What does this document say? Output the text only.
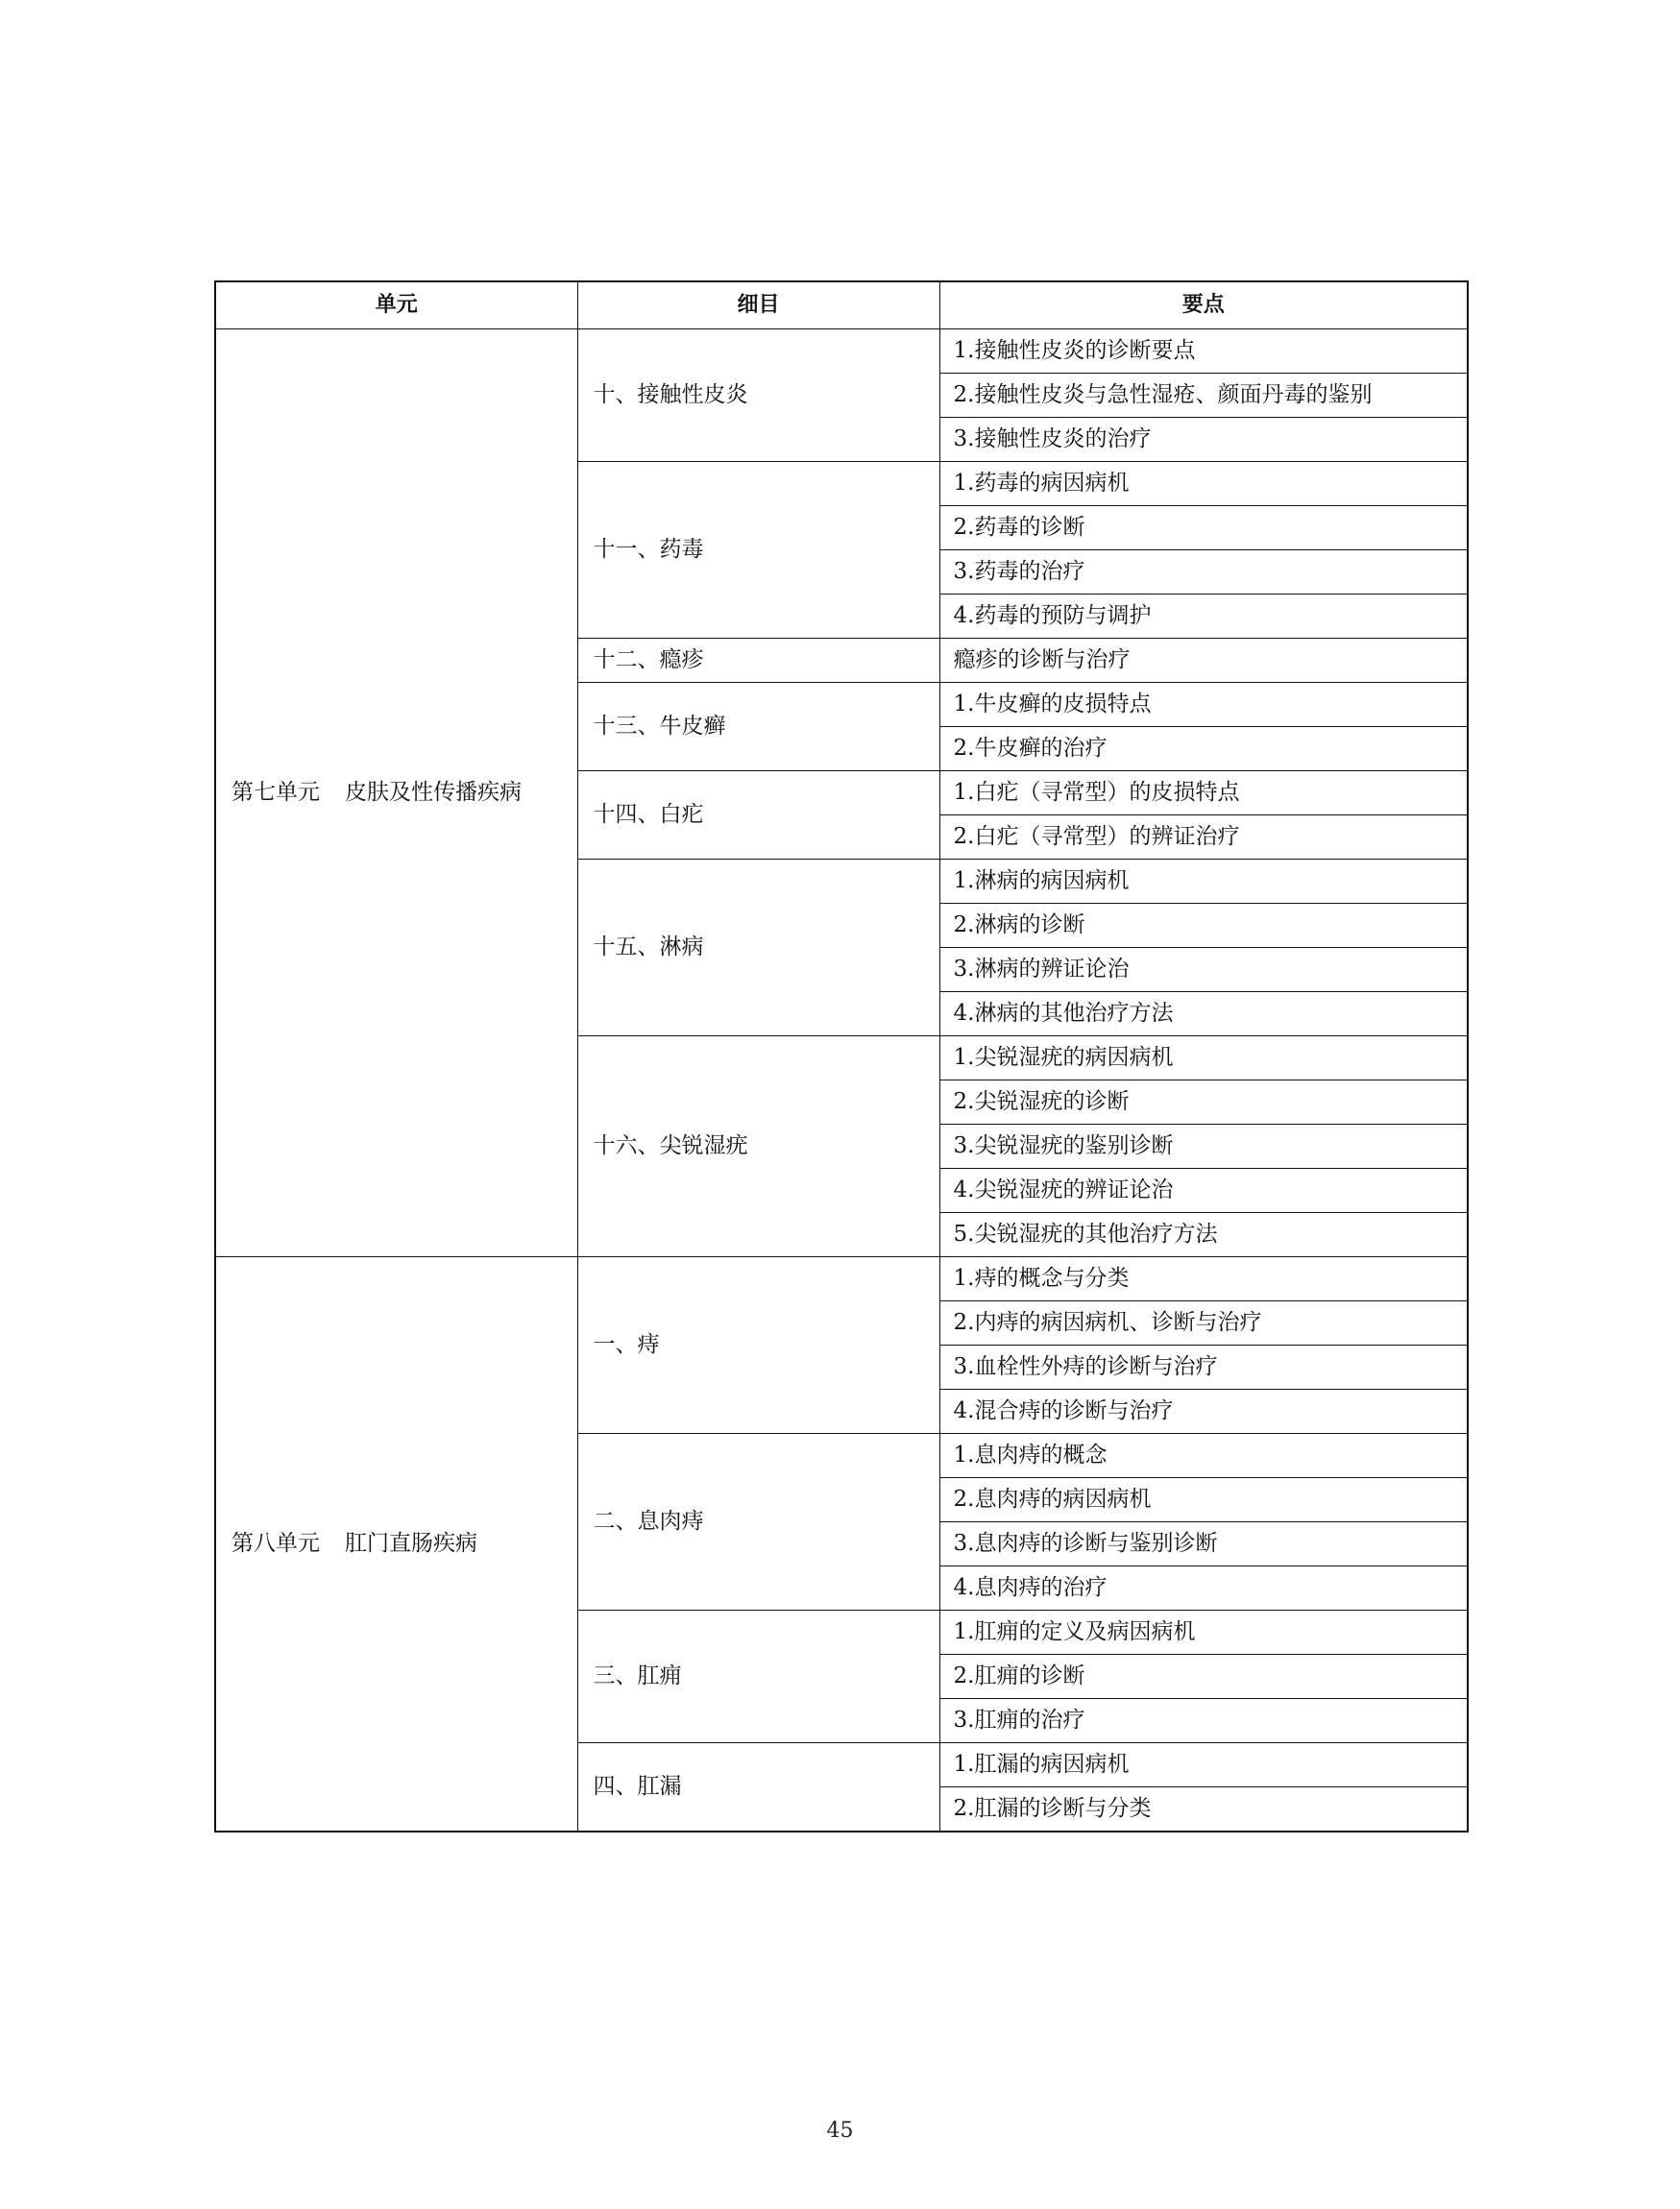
单元	细目	要点
第七单元 皮肤及性传播疾病	十、接触性皮炎	1.接触性皮炎的诊断要点
		2.接触性皮炎与急性湿疮、颜面丹毒的鉴别
		3.接触性皮炎的治疗
	十一、药毒	1.药毒的病因病机
		2.药毒的诊断
		3.药毒的治疗
		4.药毒的预防与调护
	十二、瘾疹	瘾疹的诊断与治疗
	十三、牛皮癣	1.牛皮癣的皮损特点
		2.牛皮癣的治疗
	十四、白疕	1.白疕（寻常型）的皮损特点
		2.白疕（寻常型）的辨证治疗
	十五、淋病	1.淋病的病因病机
		2.淋病的诊断
		3.淋病的辨证论治
		4.淋病的其他治疗方法
	十六、尖锐湿疣	1.尖锐湿疣的病因病机
		2.尖锐湿疣的诊断
		3.尖锐湿疣的鉴别诊断
		4.尖锐湿疣的辨证论治
		5.尖锐湿疣的其他治疗方法
第八单元 肛门直肠疾病	一、痔	1.痔的概念与分类
		2.内痔的病因病机、诊断与治疗
		3.血栓性外痔的诊断与治疗
		4.混合痔的诊断与治疗
	二、息肉痔	1.息肉痔的概念
		2.息肉痔的病因病机
		3.息肉痔的诊断与鉴别诊断
		4.息肉痔的治疗
	三、肛痈	1.肛痈的定义及病因病机
		2.肛痈的诊断
		3.肛痈的治疗
	四、肛漏	1.肛漏的病因病机
		2.肛漏的诊断与分类
45
